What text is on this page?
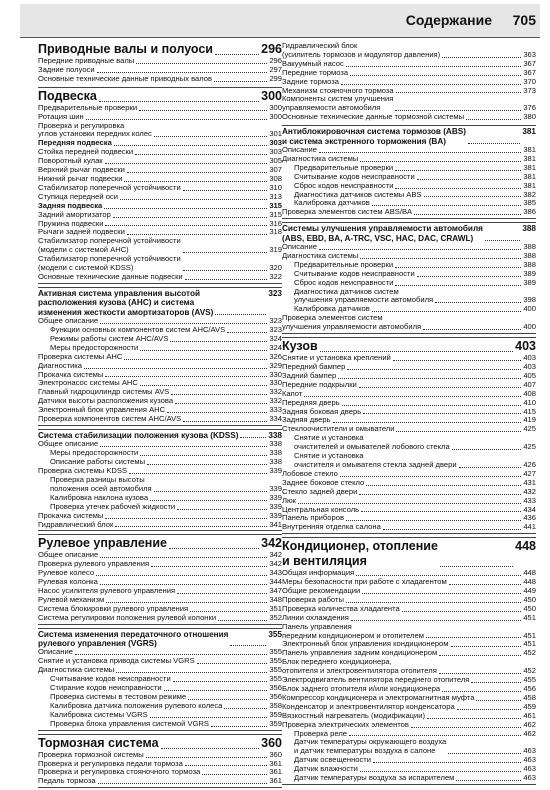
Содержание 705
Приводные валы и полуоси	296
Передние приводные валы	296
Задние полуоси	297
Основные технические данные приводных валов	299
Подвеска	300
Предварительные проверки	300
Ротация шин	300
Проверка и регулировка
углов установки передних колес	301
Передняя подвеска	303
Стойка передней подвески	303
Поворотный кулак	305
Верхний рычаг подвески	307
Нижний рычаг подвески	308
Стабилизатор поперечной устойчивости	310
Ступица передней оси	313
Задняя подвеска	315
Задний амортизатор	315
Пружина подвески	316
Рычаги задней подвески	318
Стабилизатор поперечной устойчивости
(модели с системой AHC)	319
Стабилизатор поперечной устойчивости
(модели с системой KDSS)	320
Основные технические данные подвески	322
Активная система управления высотой
расположения кузова (AHC) и система
изменения жесткости амортизаторов (AVS)
323
Общее описание	323
Функции основных компонентов систем AHC/AVS	323
Режимы работы систем AHC/AVS	324
Меры предосторожности	324
Проверка системы AHC	326
Диагностика	329
Прокачка системы	330
Электронасос системы AHC	330
Главный гидроцилиндр системы AVS	332
Датчики высоты расположения кузова	332
Электронный блок управления AHC	333
Проверка компонентов систем AHC/AVS	334
Система стабилизации положения кузова (KDSS)	338
Общее описание	338
Меры предосторожности	338
Описание работы системы	338
Проверка системы KDSS	339
Проверка разницы высоты
положения осей автомобиля	339
Калибровка наклона кузова	339
Проверка утечек рабочей жидкости	339
Прокачка системы	339
Гидравлический блок	341
Рулевое управление	342
Общее описание	342
Проверка рулевого управления	342
Рулевое колесо	343
Рулевая колонка	344
Насос усилителя рулевого управления	347
Рулевой механизм	348
Система блокировки рулевого управления	351
Система регулировки положения рулевой колонки	352
Система изменения передаточного отношения
рулевого управления (VGRS)
355
Описание	355
Снятие и установка привода системы VGRS	355
Диагностика системы	355
Считывание кодов неисправности	355
Стирание кодов неисправности	356
Проверка системы в тестовом режиме	356
Калибровка датчика положения рулевого колеса	358
Калибровка системы VGRS	359
Проверка блока управления системой VGRS	359
Тормозная система	360
Проверка тормозной системы	360
Проверка и регулировка педали тормоза	361
Проверка и регулировка стояночного тормоза	361
Педаль тормоза	361
Гидравлический блок
(усилитель тормозов и модулятор давления)	363
Вакуумный насос	367
Передние тормоза	367
Задние тормоза	370
Механизм стояночного тормоза	373
Компоненты систем улучшения
управляемости автомобиля	376
Основные технические данные тормозной системы	380
Антиблокировочная система тормозов (ABS)
и система экстренного торможения (BA)
381
Описание	381
Диагностика системы	381
Предварительные проверки	381
Считывание кодов неисправности	381
Сброс кодов неисправности	381
Диагностика датчиков системы ABS	382
Калибровка датчиков	385
Проверка элементов систем ABS/BA	386
Системы улучшения управляемости автомобиля
(ABS, EBD, BA, A-TRC, VSC, HAC, DAC, CRAWL)
388
Описание	388
Диагностика системы	388
Предварительные проверки	388
Считывание кодов неисправности	389
Сброс кодов неисправности	389
Диагностика датчиков систем
улучшения управляемости автомобиля	398
Калибровка датчиков	400
Проверка элементов систем
улучшения управляемости автомобиля	400
Кузов	403
Снятие и установка креплений	403
Передний бампер	403
Задний бампер	405
Передние подкрылки	407
Капот	408
Передняя дверь	410
Задняя боковая дверь	415
Задняя дверь	419
Стеклоочистители и омыватели	425
Снятие и установка
очистителей и омывателей лобового стекла	425
Снятие и установка
очистителя и омывателя стекла задней двери	426
Лобовое стекло	427
Заднее боковое стекло	431
Стекло задней двери	432
Люк	433
Центральная консоль	434
Панель приборов	436
Внутренняя отделка салона	441
Кондиционер, отопление
и вентиляция
448
Общая информация	448
Меры безопасности при работе с хладагентом	448
Общие рекомендации	449
Проверка работы	450
Проверка количества хладагента	450
Линии охлаждения	451
Панель управления
передним кондиционером и отопителем	451
Электронный блок управления кондиционером	451
Панель управления задним кондиционером	452
Блок переднего кондиционера,
отопителя и электровентилятора отопителя	452
Электродвигатель вентилятора переднего отопителя	455
Блок заднего отопителя и/или кондиционера	456
Компрессор кондиционера и электромагнитная муфта	458
Конденсатор и электровентилятор конденсатора	459
Вязкостный нагреватель (модификации)	461
Проверка электрических элементов	462
Проверка реле	462
Датчик температуры окружающего воздуха
и датчик температуры воздуха в салоне	463
Датчик освещенности	463
Датчик влажности	463
Датчик температуры воздуха за испарителем	463
